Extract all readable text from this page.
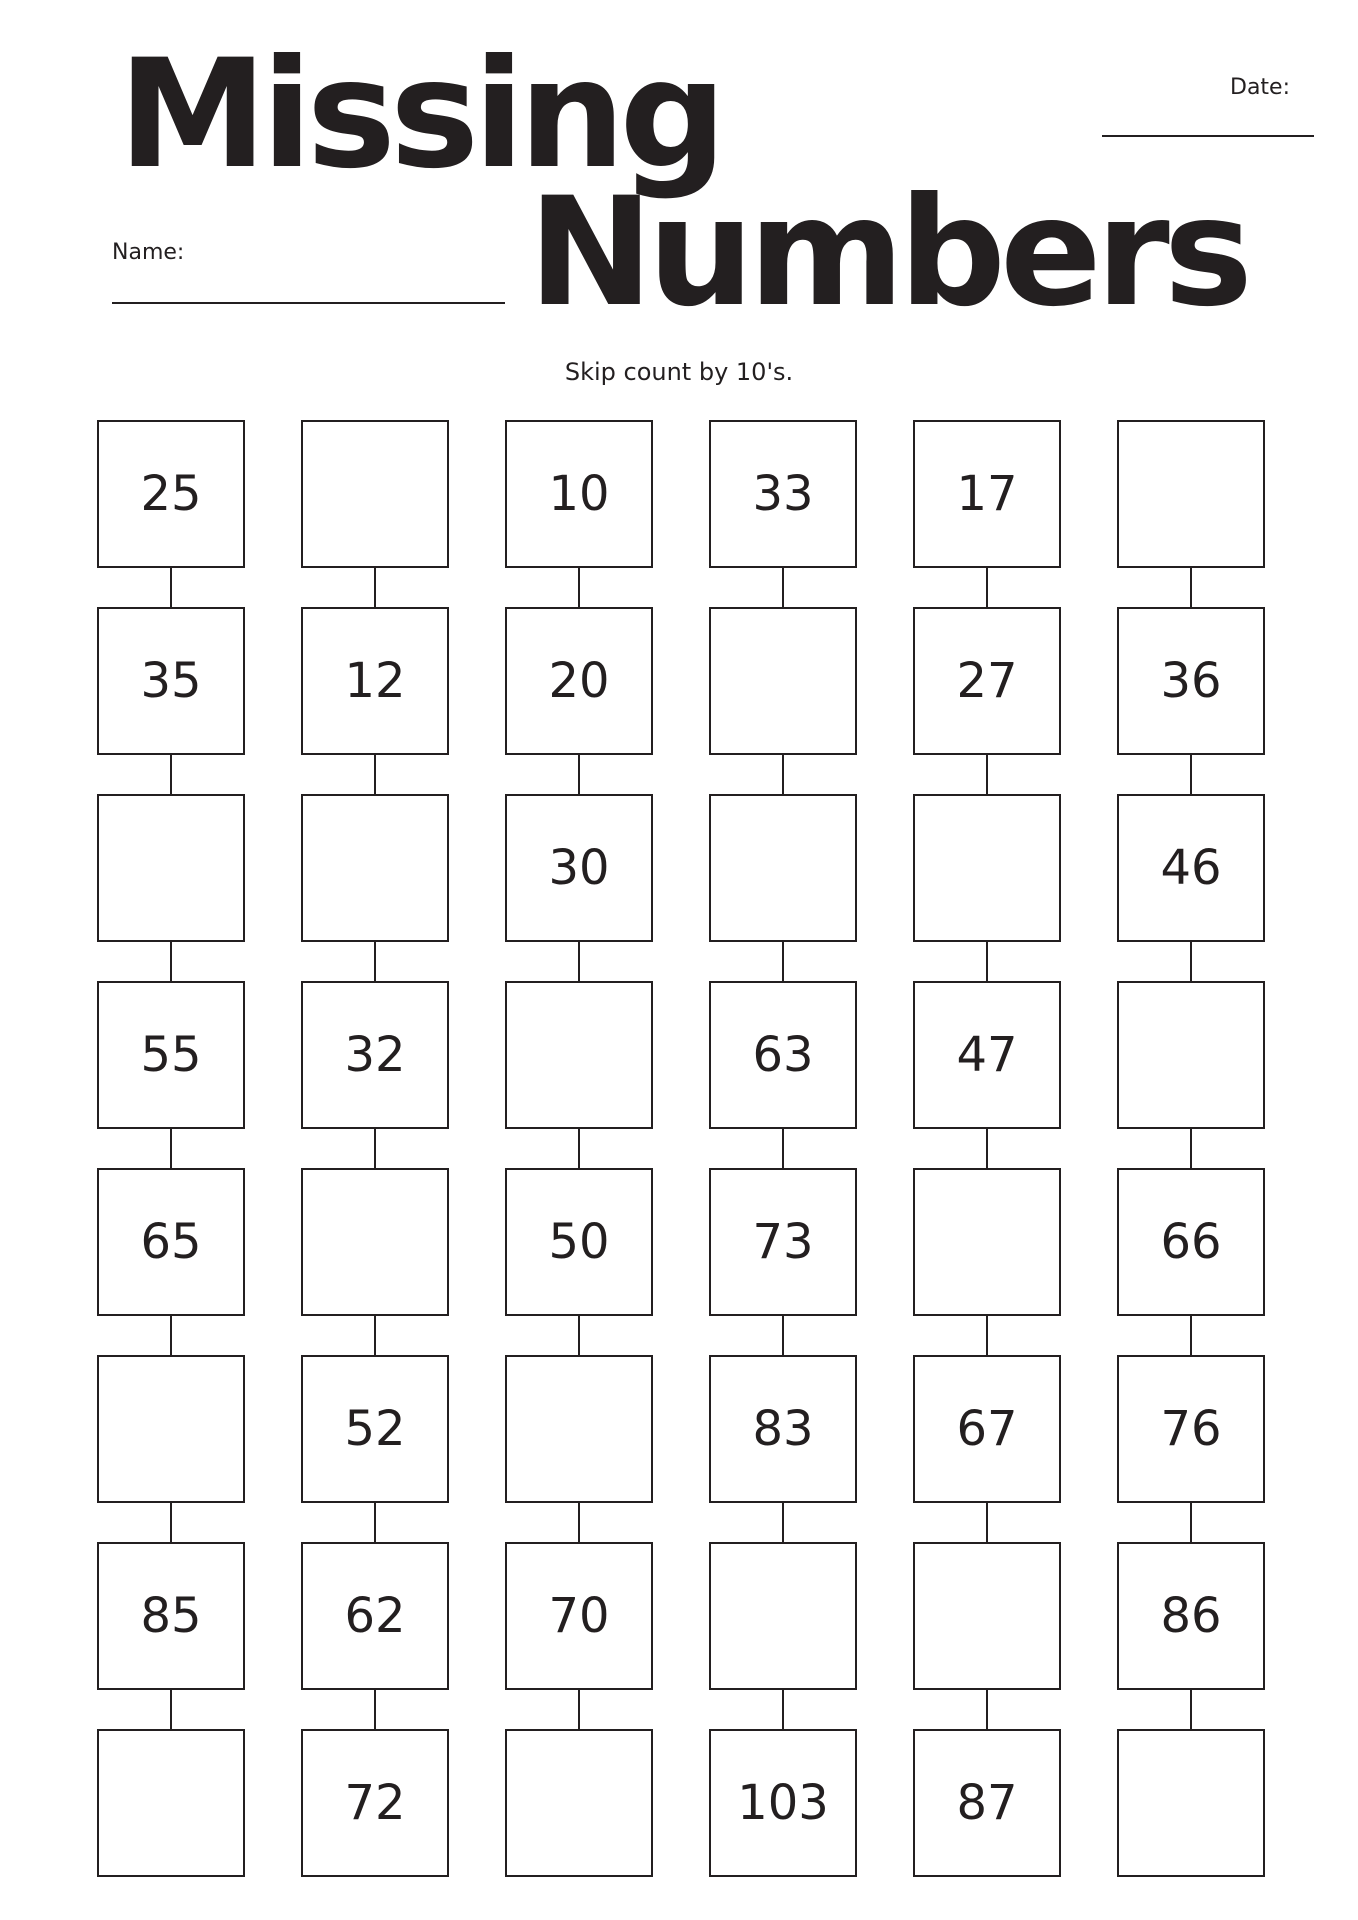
Missing
Numbers
Name:
Date:
Skip count by 10's.
25
35
55
65
85
12
32
52
62
72
10
20
30
50
70
33
63
73
83
103
17
27
47
67
87
36
46
66
76
86
